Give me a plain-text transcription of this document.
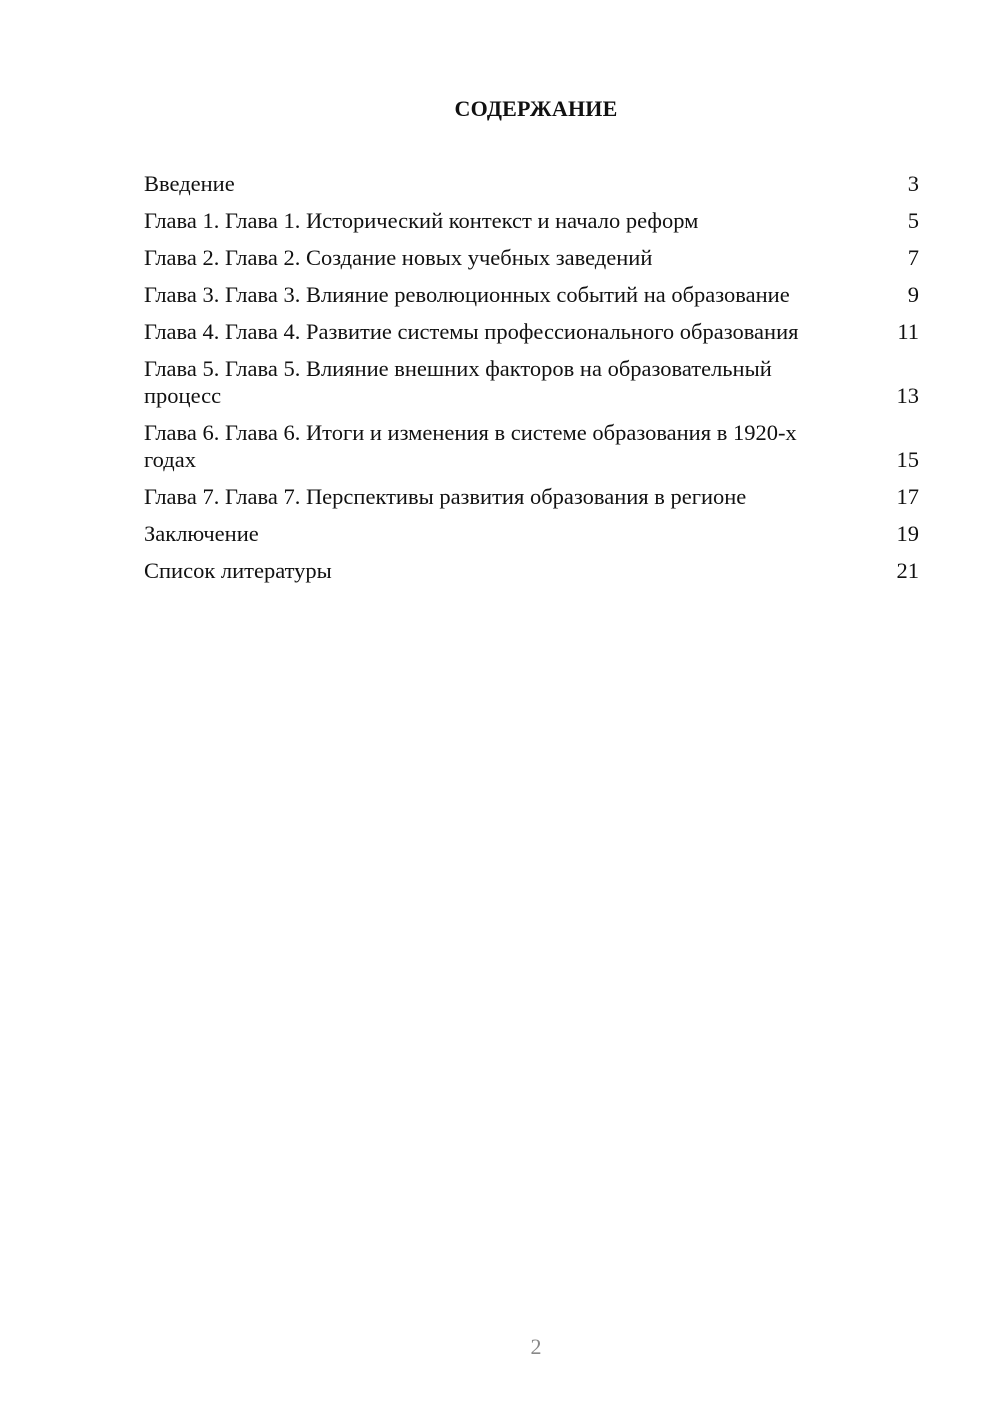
СОДЕРЖАНИЕ
Введение	3
Глава 1. Глава 1. Исторический контекст и начало реформ	5
Глава 2. Глава 2. Создание новых учебных заведений	7
Глава 3. Глава 3. Влияние революционных событий на образование	9
Глава 4. Глава 4. Развитие системы профессионального образования	11
Глава 5. Глава 5. Влияние внешних факторов на образовательный процесс	13
Глава 6. Глава 6. Итоги и изменения в системе образования в 1920-х годах	15
Глава 7. Глава 7. Перспективы развития образования в регионе	17
Заключение	19
Список литературы	21
2
